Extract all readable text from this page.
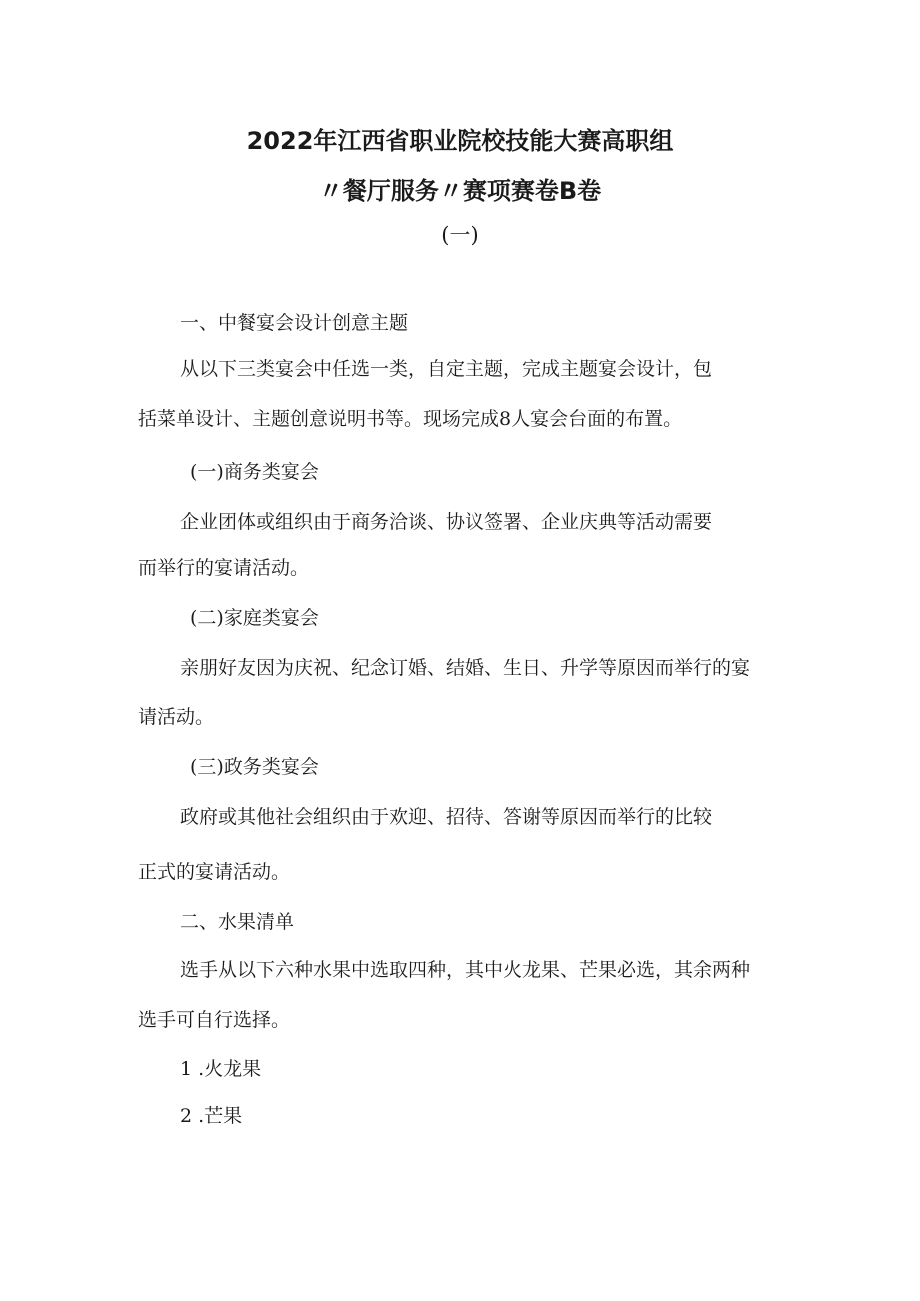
2022年江西省职业院校技能大赛高职组
〃餐厅服务〃赛项赛卷B卷
(一)
一、中餐宴会设计创意主题
从以下三类宴会中任选一类，自定主题，完成主题宴会设计，包
括菜单设计、主题创意说明书等。现场完成8人宴会台面的布置。
(一)商务类宴会
企业团体或组织由于商务洽谈、协议签署、企业庆典等活动需要
而举行的宴请活动。
(二)家庭类宴会
亲朋好友因为庆祝、纪念订婚、结婚、生日、升学等原因而举行的宴
请活动。
(三)政务类宴会
政府或其他社会组织由于欢迎、招待、答谢等原因而举行的比较
正式的宴请活动。
二、水果清单
选手从以下六种水果中选取四种，其中火龙果、芒果必选，其余两种
选手可自行选择。
1 .火龙果
2 .芒果
